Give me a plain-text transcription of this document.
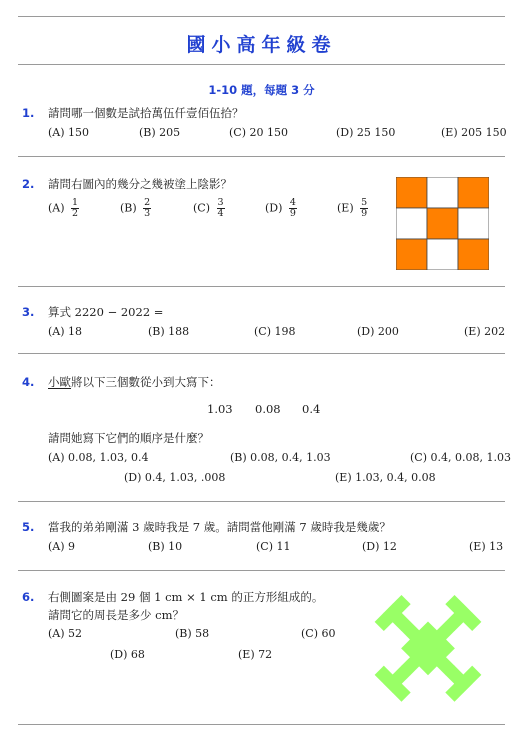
國小高年級卷
1-10 題，每題 3 分
1. 請問哪一個數是試拾萬伍仟壹佰伍拾？
(A) 150	(B) 205	(C) 20 150	(D) 25 150	(E) 205 150
2. 請問右圖內的幾分之幾被塗上陰影？
$(A) \frac{1}{2}$	$(B) \frac{2}{3}$	$(C) \frac{3}{4}$	$(D) \frac{4}{9}$	$(E) \frac{5}{9}$
3. 算式 2220 − 2022 =
(A) 18	(B) 188	(C) 198	(D) 200	(E) 202
4. 小歐將以下三個數從小到大寫下：
1.03 0.08 0.4
請問她寫下它們的順序是什麼？
(A) 0.08, 1.03, 0.4	(B) 0.08, 0.4, 1.03	(C) 0.4, 0.08, 1.03
(D) 0.4, 1.03, .008	(E) 1.03, 0.4, 0.08
5. 當我的弟弟剛滿 3 歲時我是 7 歲。請問當他剛滿 7 歲時我是幾歲？
(A) 9	(B) 10	(C) 11	(D) 12	(E) 13
6. 右側圖案是由 29 個 1 cm × 1 cm 的正方形組成的。
請問它的周長是多少 cm？
(A) 52	(B) 58	(C) 60
(D) 68	(E) 72
